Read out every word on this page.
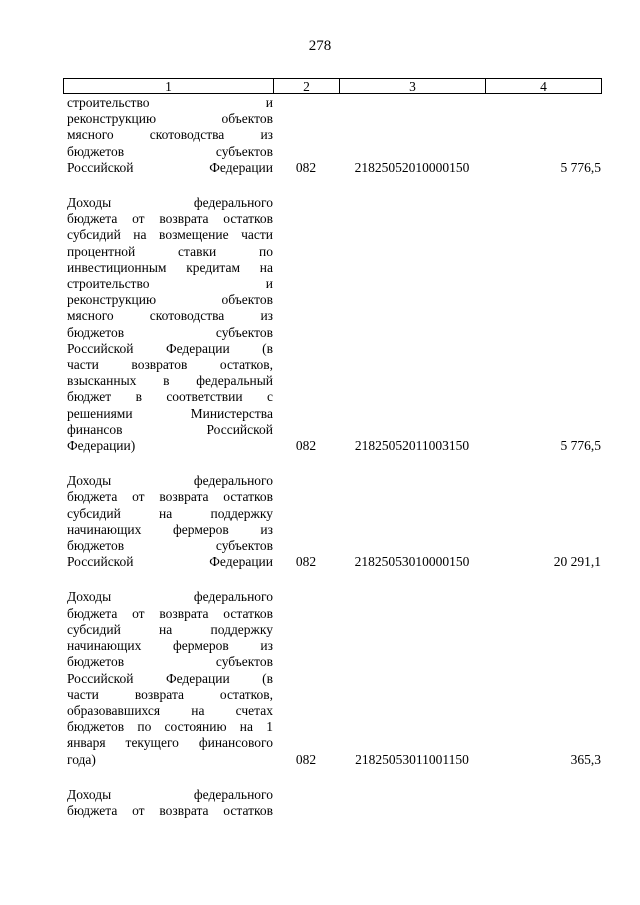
278
1	2	3	4
строительство	и
реконструкцию	объектов
мясного	скотоводства	из
бюджетов	субъектов
Российской Федерации	082	21825052010000150	5 776,5
Доходы	федерального
бюджета от возврата остатков
субсидий на возмещение части
процентной	ставки	по
инвестиционным кредитам на
строительство	и
реконструкцию	объектов
мясного	скотоводства	из
бюджетов	субъектов
Российской Федерации (в
части возвратов остатков,
взысканных в федеральный
бюджет в соответствии с
решениями	Министерства
финансов	Российской
Федерации)	082	21825052011003150	5 776,5
Доходы	федерального
бюджета от возврата остатков
субсидий	на	поддержку
начинающих фермеров из
бюджетов	субъектов
Российской Федерации	082	21825053010000150	20 291,1
Доходы	федерального
бюджета от возврата остатков
субсидий	на	поддержку
начинающих фермеров из
бюджетов	субъектов
Российской Федерации (в
части	возврата	остатков,
образовавшихся на счетах
бюджетов по состоянию на 1
января текущего финансового
года)	082	21825053011001150	365,3
Доходы	федерального
бюджета от возврата остатков
